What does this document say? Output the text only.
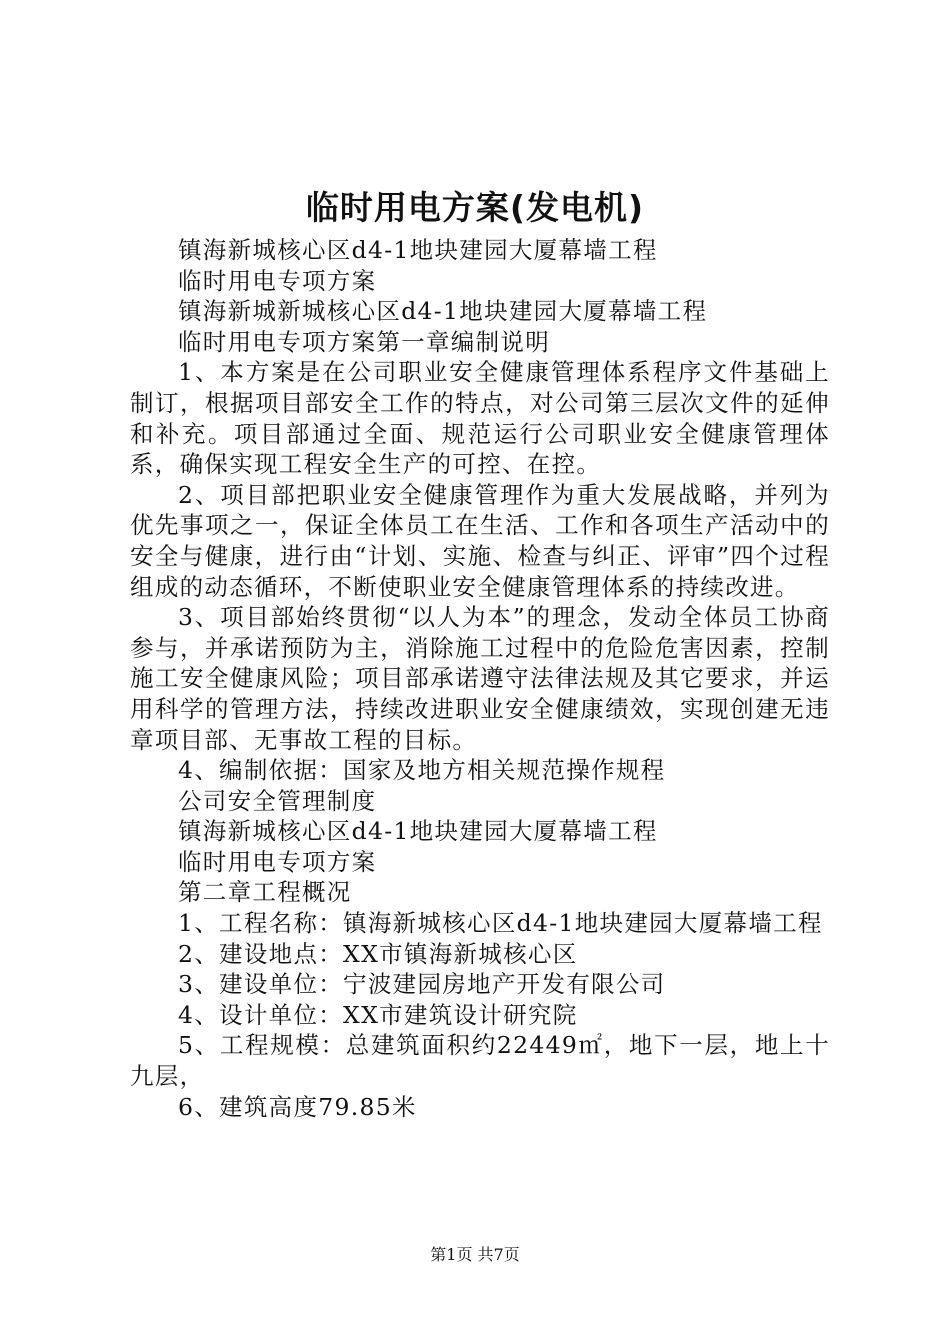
临时用电方案(发电机)

镇海新城核心区d4-1地块建园大厦幕墙工程

临时用电专项方案

镇海新城新城核心区d4-1地块建园大厦幕墙工程

临时用电专项方案第一章编制说明

1、本方案是在公司职业安全健康管理体系程序文件基础上制订，根据项目部安全工作的特点，对公司第三层次文件的延伸和补充。项目部通过全面、规范运行公司职业安全健康管理体系，确保实现工程安全生产的可控、在控。

2、项目部把职业安全健康管理作为重大发展战略，并列为优先事项之一，保证全体员工在生活、工作和各项生产活动中的安全与健康，进行由“计划、实施、检查与纠正、评审”四个过程组成的动态循环，不断使职业安全健康管理体系的持续改进。

3、项目部始终贯彻“以人为本”的理念，发动全体员工协商参与，并承诺预防为主，消除施工过程中的危险危害因素，控制施工安全健康风险；项目部承诺遵守法律法规及其它要求，并运用科学的管理方法，持续改进职业安全健康绩效，实现创建无违章项目部、无事故工程的目标。

4、编制依据：国家及地方相关规范操作规程

公司安全管理制度

镇海新城核心区d4-1地块建园大厦幕墙工程

临时用电专项方案

第二章工程概况

1、工程名称：镇海新城核心区d4-1地块建园大厦幕墙工程

2、建设地点：XX市镇海新城核心区

3、建设单位：宁波建园房地产开发有限公司

4、设计单位：XX市建筑设计研究院

5、工程规模：总建筑面积约22449㎡，地下一层，地上十九层，

6、建筑高度79.85米

第1页 共7页
